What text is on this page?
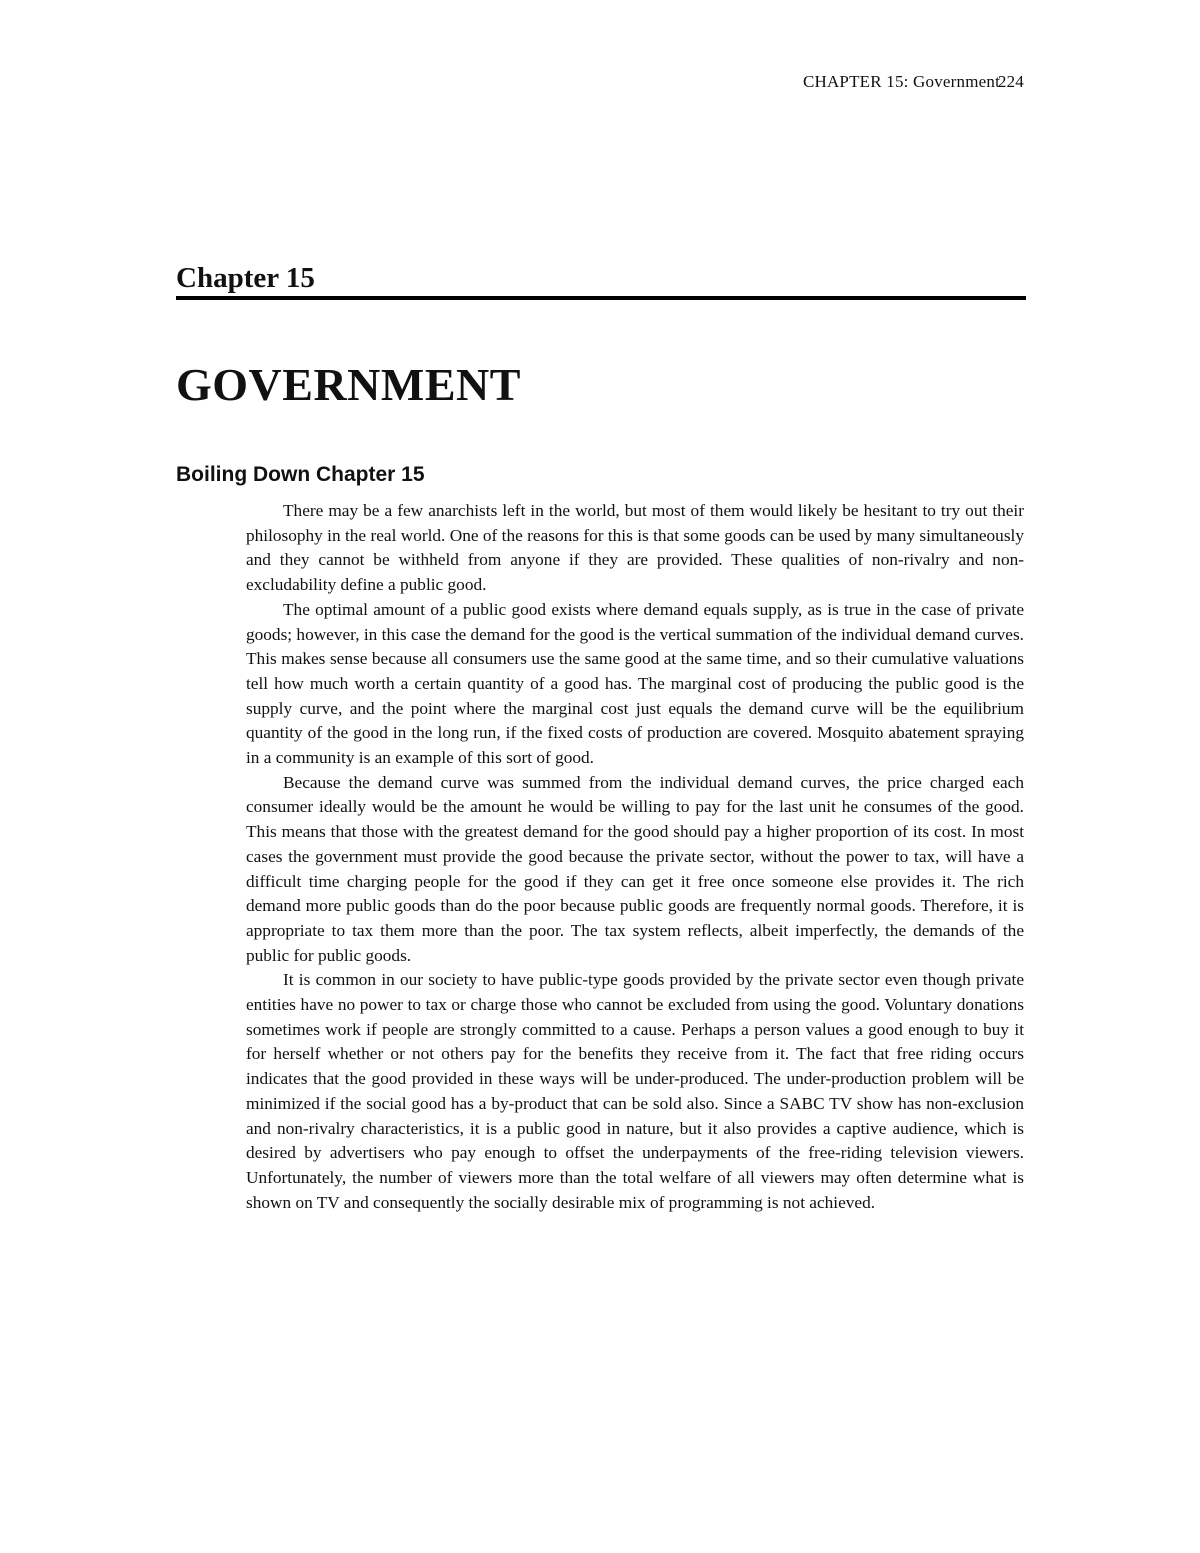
CHAPTER 15: Government
224
Chapter 15
GOVERNMENT
Boiling Down Chapter 15

There may be a few anarchists left in the world, but most of them would likely be hesitant to try out their philosophy in the real world. One of the reasons for this is that some goods can be used by many simultaneously and they cannot be withheld from anyone if they are provided. These qualities of non-rivalry and non-excludability define a public good.

The optimal amount of a public good exists where demand equals supply, as is true in the case of private goods; however, in this case the demand for the good is the vertical summation of the individual demand curves. This makes sense because all consumers use the same good at the same time, and so their cumulative valuations tell how much worth a certain quantity of a good has. The marginal cost of producing the public good is the supply curve, and the point where the marginal cost just equals the demand curve will be the equilibrium quantity of the good in the long run, if the fixed costs of production are covered. Mosquito abatement spraying in a community is an example of this sort of good.

Because the demand curve was summed from the individual demand curves, the price charged each consumer ideally would be the amount he would be willing to pay for the last unit he consumes of the good. This means that those with the greatest demand for the good should pay a higher proportion of its cost. In most cases the government must provide the good because the private sector, without the power to tax, will have a difficult time charging people for the good if they can get it free once someone else provides it. The rich demand more public goods than do the poor because public goods are frequently normal goods. Therefore, it is appropriate to tax them more than the poor. The tax system reflects, albeit imperfectly, the demands of the public for public goods.

It is common in our society to have public-type goods provided by the private sector even though private entities have no power to tax or charge those who cannot be excluded from using the good. Voluntary donations sometimes work if people are strongly committed to a cause. Perhaps a person values a good enough to buy it for herself whether or not others pay for the benefits they receive from it. The fact that free riding occurs indicates that the good provided in these ways will be under-produced. The under-production problem will be minimized if the social good has a by-product that can be sold also. Since a SABC TV show has non-exclusion and non-rivalry characteristics, it is a public good in nature, but it also provides a captive audience, which is desired by advertisers who pay enough to offset the underpayments of the free-riding television viewers. Unfortunately, the number of viewers more than the total welfare of all viewers may often determine what is shown on TV and consequently the socially desirable mix of programming is not achieved.
